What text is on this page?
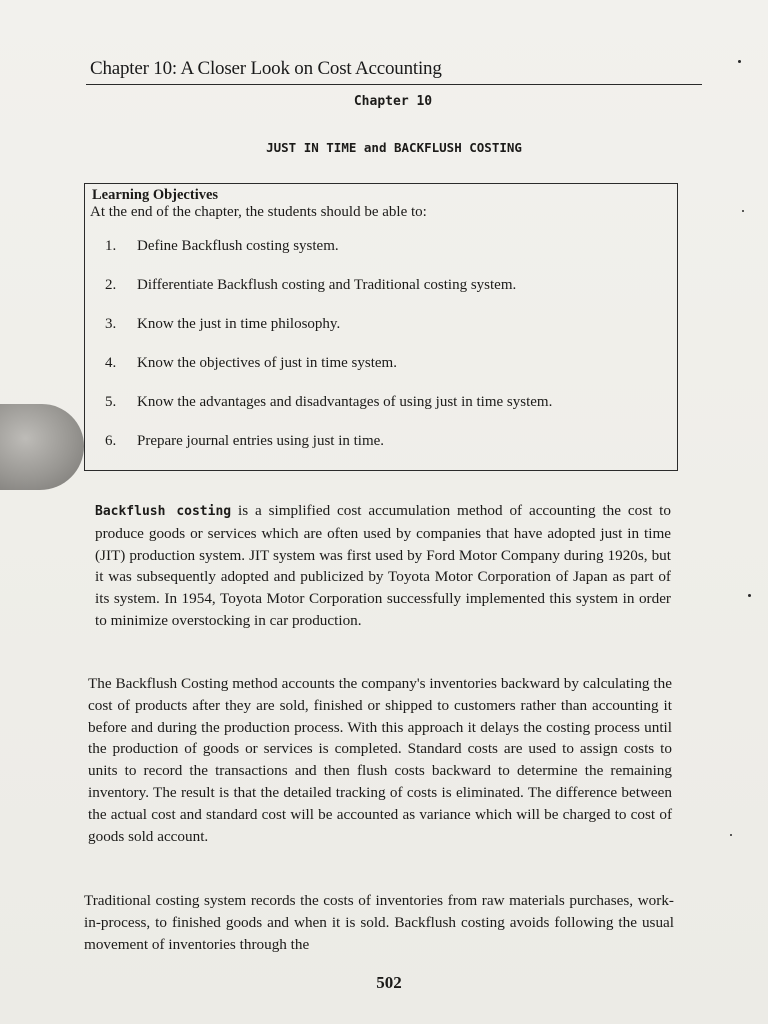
Chapter 10: A Closer Look on Cost Accounting
Chapter 10
JUST IN TIME and BACKFLUSH COSTING
Learning Objectives
At the end of the chapter, the students should be able to:
1.	Define Backflush costing system.
2.	Differentiate Backflush costing and Traditional costing system.
3.	Know the just in time philosophy.
4.	Know the objectives of just in time system.
5.	Know the advantages and disadvantages of using just in time system.
6.	Prepare journal entries using just in time.

Backflush costing is a simplified cost accumulation method of accounting the cost to produce goods or services which are often used by companies that have adopted just in time (JIT) production system. JIT system was first used by Ford Motor Company during 1920s, but it was subsequently adopted and publicized by Toyota Motor Corporation of Japan as part of its system. In 1954, Toyota Motor Corporation successfully implemented this system in order to minimize overstocking in car production.

The Backflush Costing method accounts the company's inventories backward by calculating the cost of products after they are sold, finished or shipped to customers rather than accounting it before and during the production process. With this approach it delays the costing process until the production of goods or services is completed. Standard costs are used to assign costs to units to record the transactions and then flush costs backward to determine the remaining inventory. The result is that the detailed tracking of costs is eliminated. The difference between the actual cost and standard cost will be accounted as variance which will be charged to cost of goods sold account.

Traditional costing system records the costs of inventories from raw materials purchases, work-in-process, to finished goods and when it is sold. Backflush costing avoids following the usual movement of inventories through the

502
